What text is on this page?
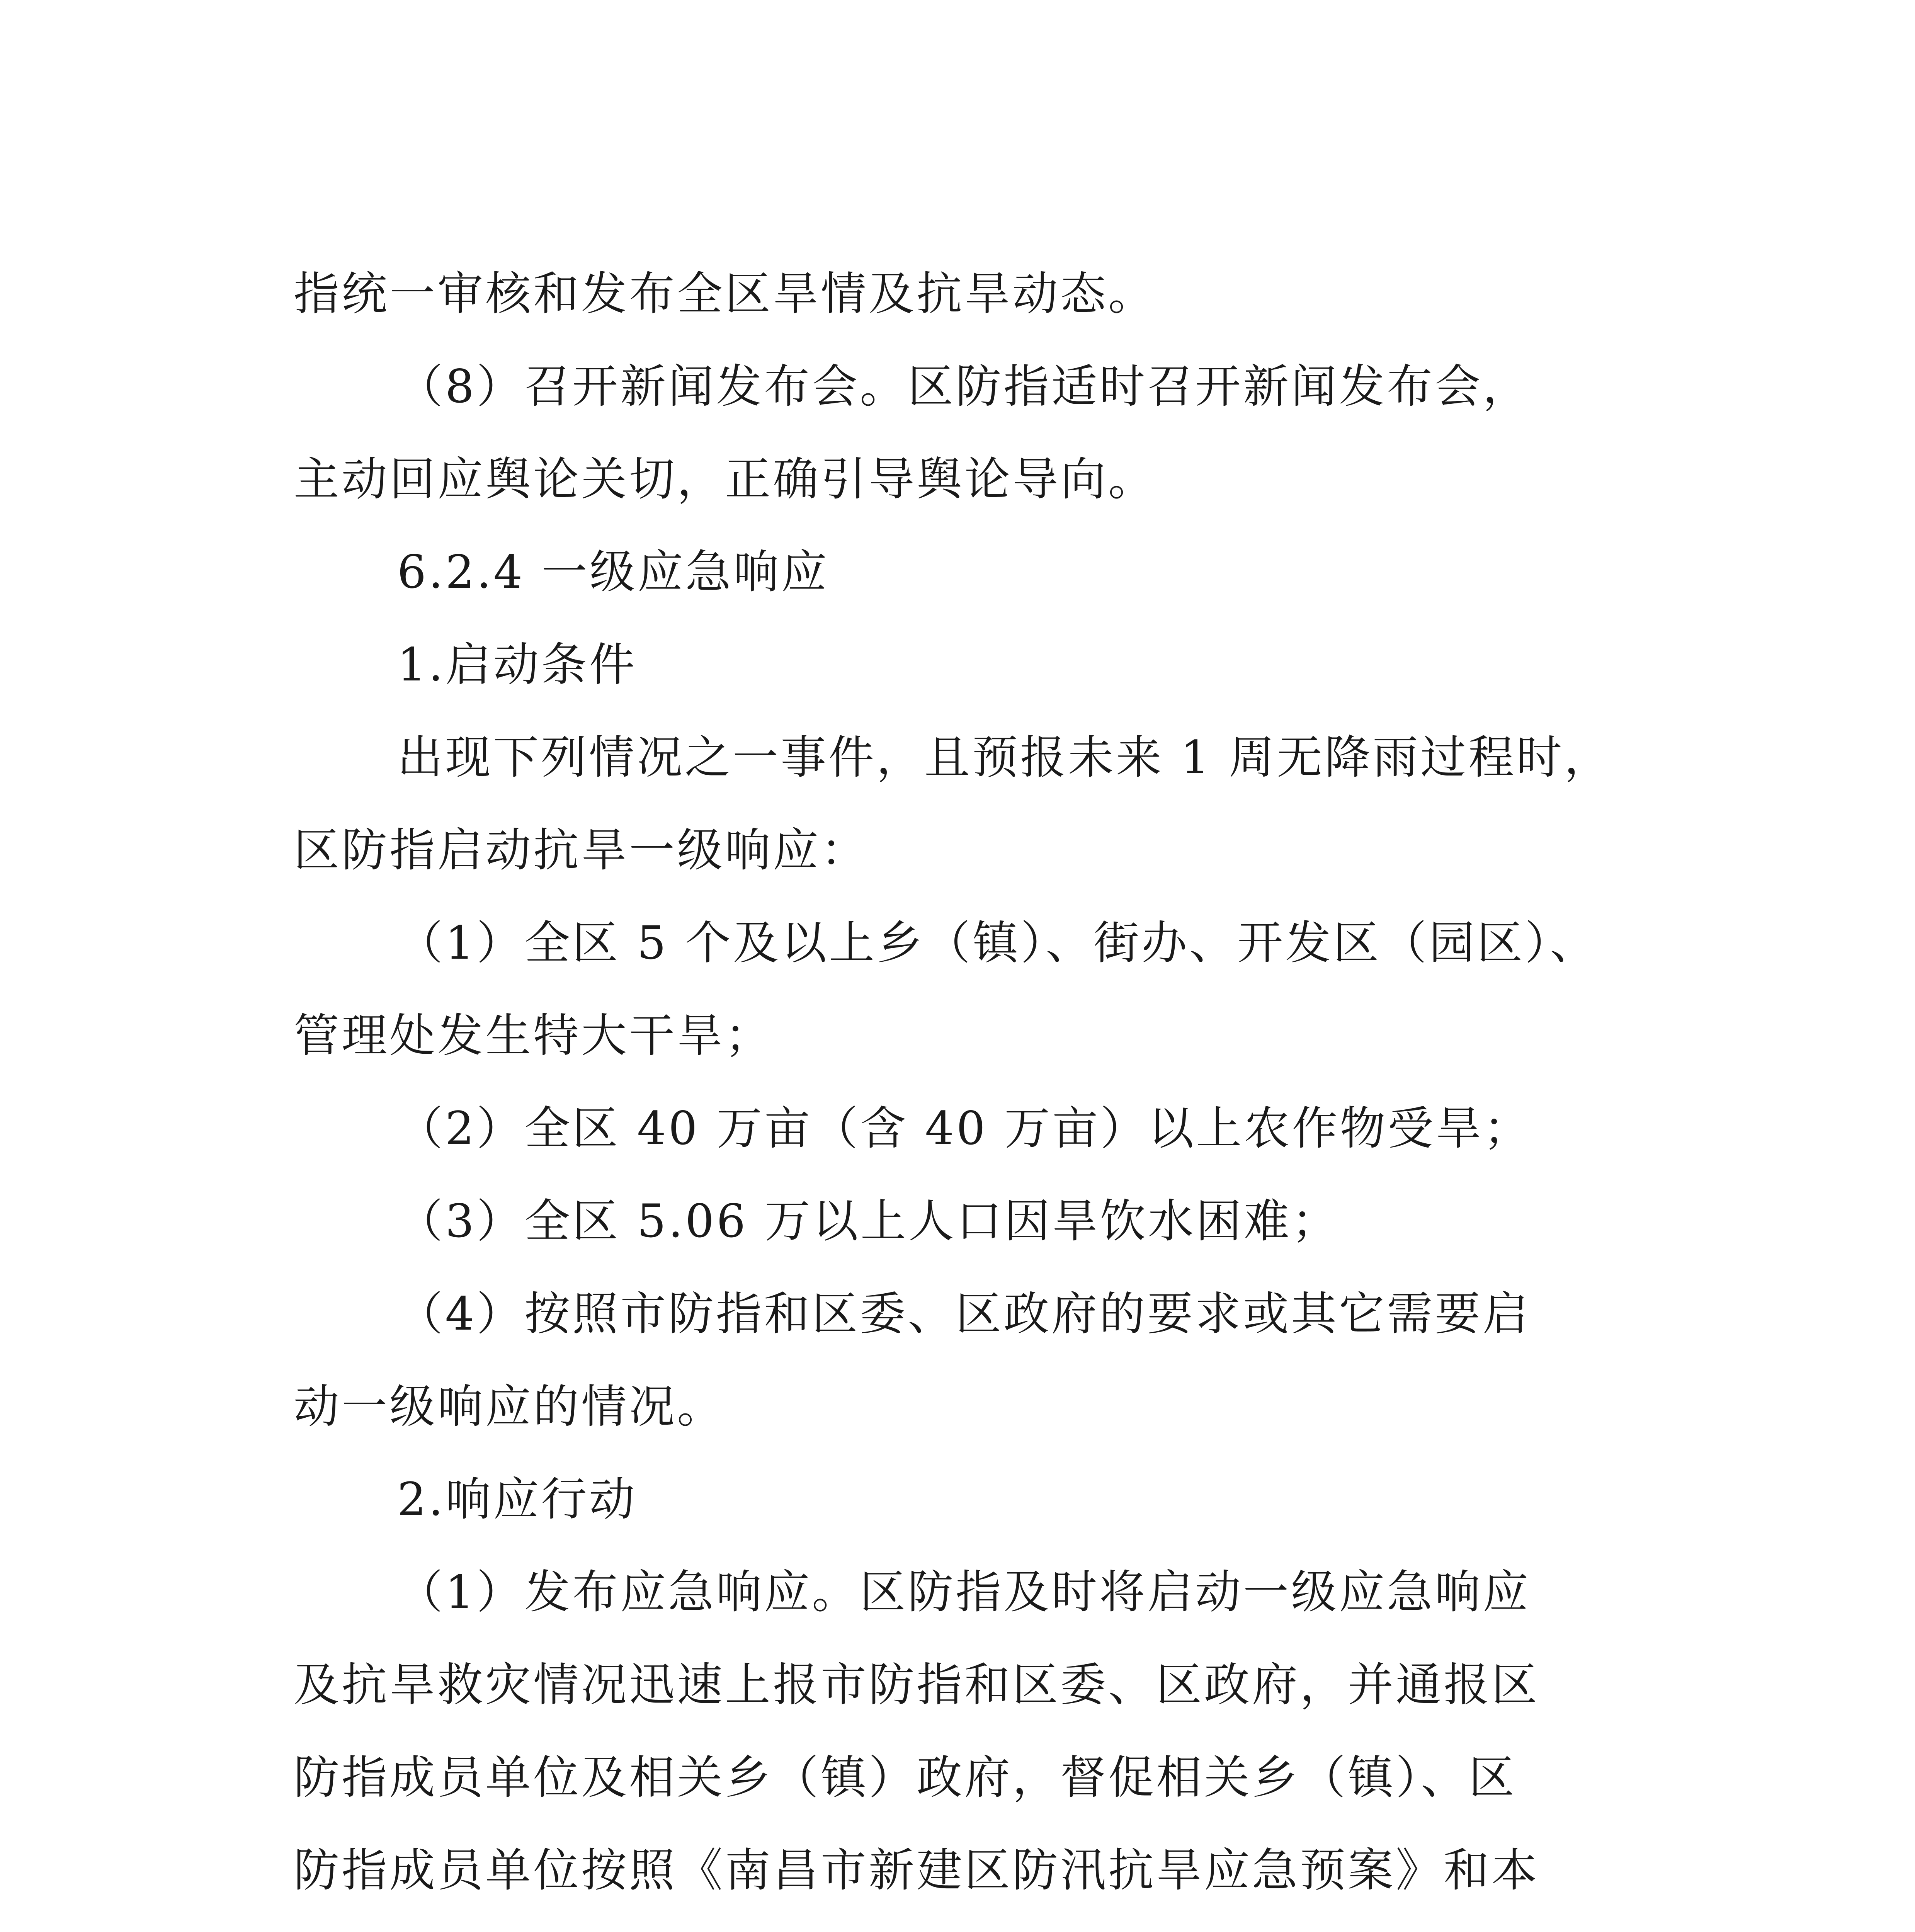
指统一审核和发布全区旱情及抗旱动态。
（8）召开新闻发布会。区防指适时召开新闻发布会，
主动回应舆论关切，正确引导舆论导向。
6.2.4 一级应急响应
1.启动条件
出现下列情况之一事件，且预报未来 1 周无降雨过程时，
区防指启动抗旱一级响应：
（1）全区 5 个及以上乡（镇）、街办、开发区（园区）、
管理处发生特大干旱；
（2）全区 40 万亩（含 40 万亩）以上农作物受旱；
（3）全区 5.06 万以上人口因旱饮水困难；
（4）按照市防指和区委、区政府的要求或其它需要启
动一级响应的情况。
2.响应行动
（1）发布应急响应。区防指及时将启动一级应急响应
及抗旱救灾情况迅速上报市防指和区委、区政府，并通报区
防指成员单位及相关乡（镇）政府，督促相关乡（镇）、区
防指成员单位按照《南昌市新建区防汛抗旱应急预案》和本
